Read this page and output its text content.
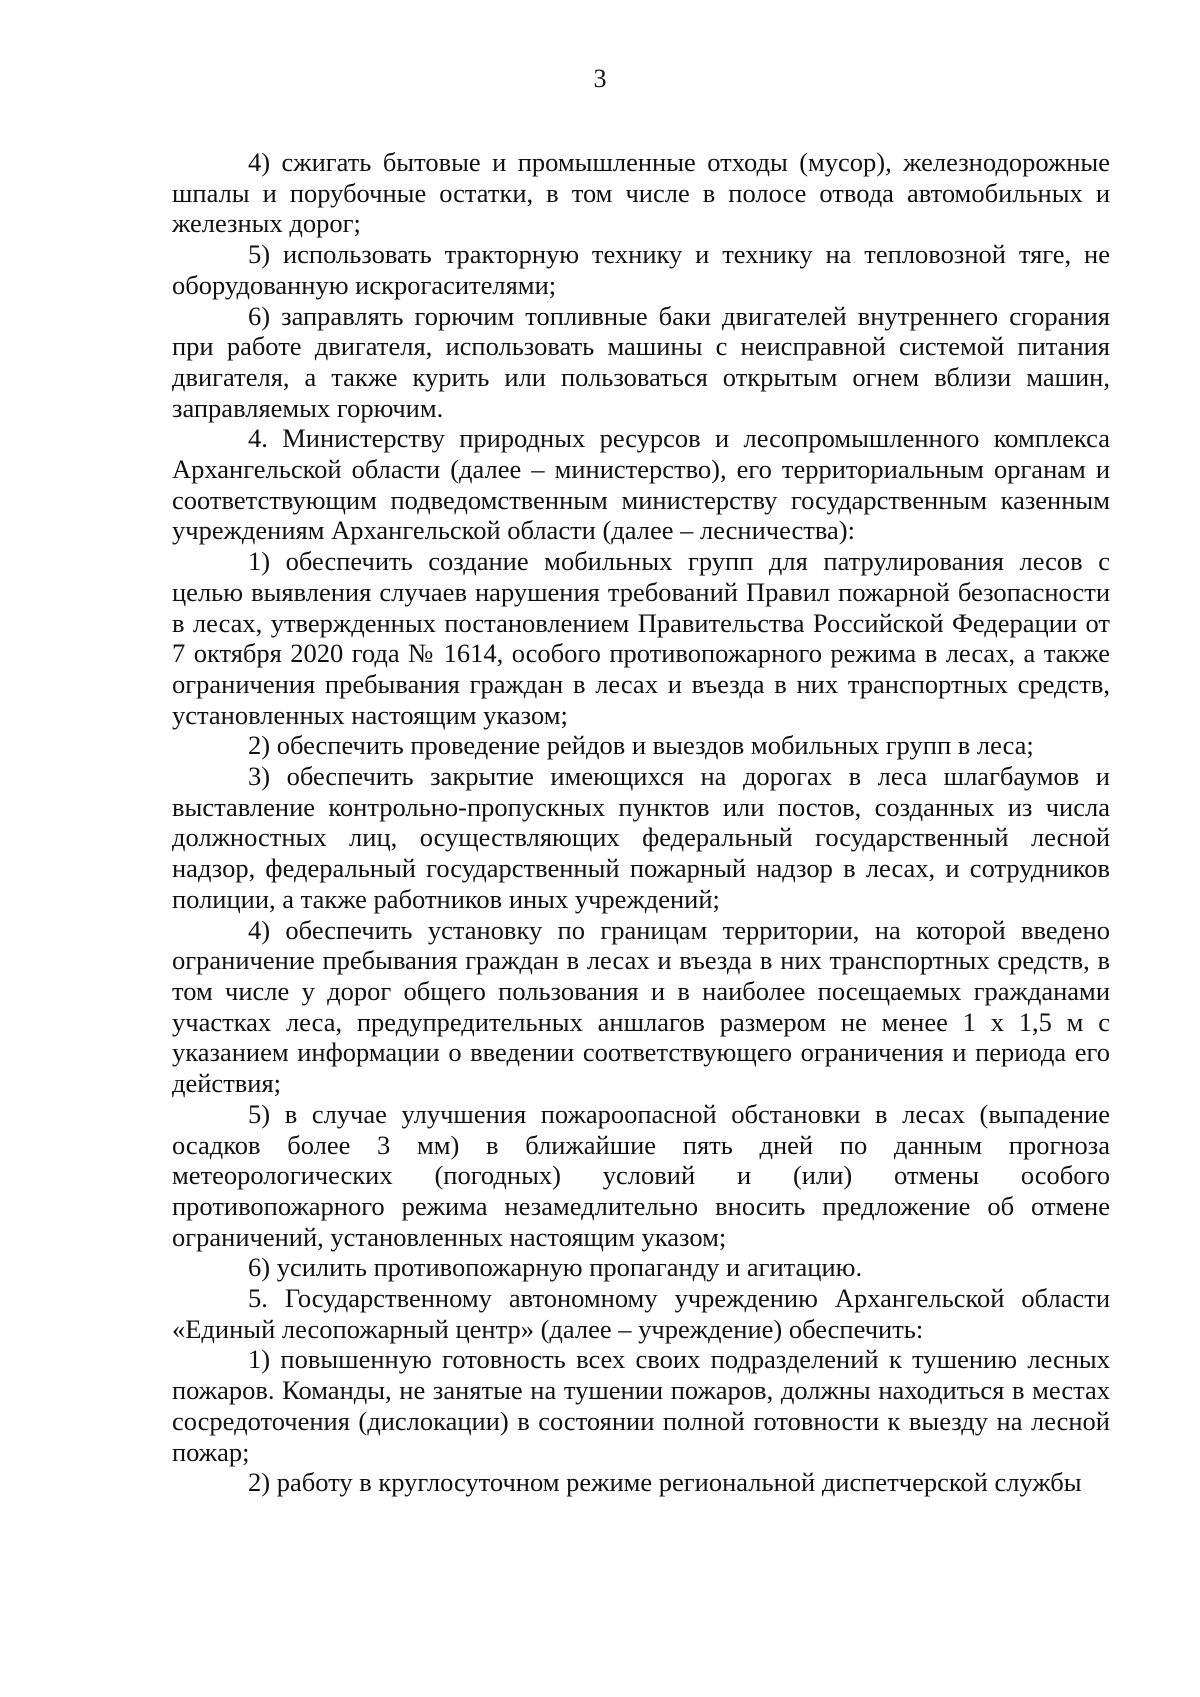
3

4) сжигать бытовые и промышленные отходы (мусор), железнодорожные шпалы и порубочные остатки, в том числе в полосе отвода автомобильных и железных дорог;

5) использовать тракторную технику и технику на тепловозной тяге, не оборудованную искрогасителями;

6) заправлять горючим топливные баки двигателей внутреннего сгорания при работе двигателя, использовать машины с неисправной системой питания двигателя, а также курить или пользоваться открытым огнем вблизи машин, заправляемых горючим.

4. Министерству природных ресурсов и лесопромышленного комплекса Архангельской области (далее – министерство), его территориальным органам и соответствующим подведомственным министерству государственным казенным учреждениям Архангельской области (далее – лесничества):

1) обеспечить создание мобильных групп для патрулирования лесов с целью выявления случаев нарушения требований Правил пожарной безопасности в лесах, утвержденных постановлением Правительства Российской Федерации от 7 октября 2020 года № 1614, особого противопожарного режима в лесах, а также ограничения пребывания граждан в лесах и въезда в них транспортных средств, установленных настоящим указом;

2) обеспечить проведение рейдов и выездов мобильных групп в леса;

3) обеспечить закрытие имеющихся на дорогах в леса шлагбаумов и выставление контрольно-пропускных пунктов или постов, созданных из числа должностных лиц, осуществляющих федеральный государственный лесной надзор, федеральный государственный пожарный надзор в лесах, и сотрудников полиции, а также работников иных учреждений;

4) обеспечить установку по границам территории, на которой введено ограничение пребывания граждан в лесах и въезда в них транспортных средств, в том числе у дорог общего пользования и в наиболее посещаемых гражданами участках леса, предупредительных аншлагов размером не менее 1 х 1,5 м с указанием информации о введении соответствующего ограничения и периода его действия;

5) в случае улучшения пожароопасной обстановки в лесах (выпадение осадков более 3 мм) в ближайшие пять дней по данным прогноза метеорологических (погодных) условий и (или) отмены особого противопожарного режима незамедлительно вносить предложение об отмене ограничений, установленных настоящим указом;

6) усилить противопожарную пропаганду и агитацию.

5. Государственному автономному учреждению Архангельской области «Единый лесопожарный центр» (далее – учреждение) обеспечить:

1) повышенную готовность всех своих подразделений к тушению лесных пожаров. Команды, не занятые на тушении пожаров, должны находиться в местах сосредоточения (дислокации) в состоянии полной готовности к выезду на лесной пожар;

2) работу в круглосуточном режиме региональной диспетчерской службы
